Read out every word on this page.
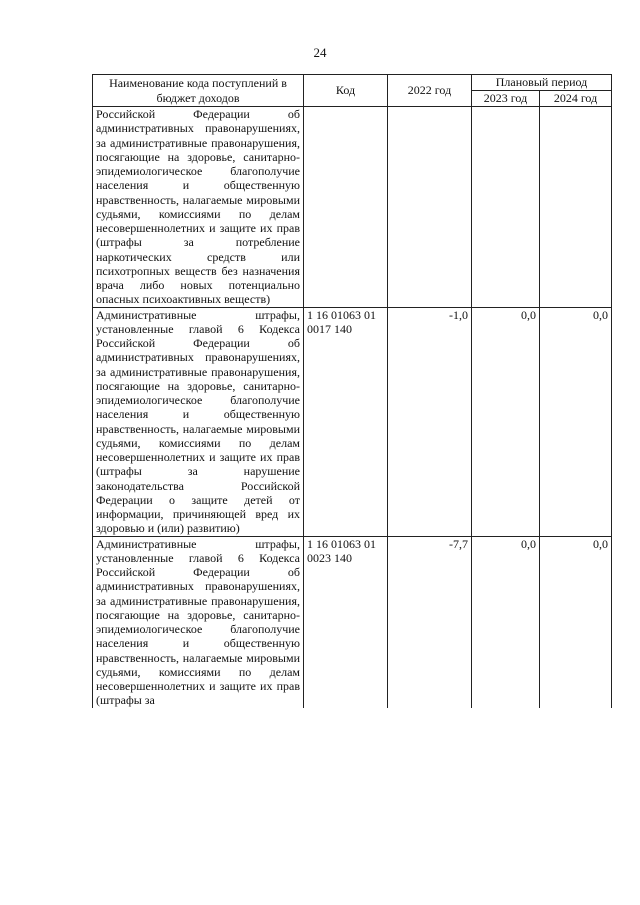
24
Наименование кода поступлений в бюджет доходов	Код	2022 год	Плановый период	
			2023 год	2024 год
Российской Федерации об административных правонарушениях, за административные правонарушения, посягающие на здоровье, санитарно-эпидемиологическое благополучие населения и общественную нравственность, налагаемые мировыми судьями, комиссиями по делам несовершеннолетних и защите их прав (штрафы за потребление наркотических средств или психотропных веществ без назначения врача либо новых потенциально опасных психоактивных веществ)				
Административные штрафы, установленные главой 6 Кодекса Российской Федерации об административных правонарушениях, за административные правонарушения, посягающие на здоровье, санитарно-эпидемиологическое благополучие населения и общественную нравственность, налагаемые мировыми судьями, комиссиями по делам несовершеннолетних и защите их прав (штрафы за нарушение законодательства Российской Федерации о защите детей от информации, причиняющей вред их здоровью и (или) развитию)	1 16 01063 01 0017 140	-1,0	0,0	0,0
Административные штрафы, установленные главой 6 Кодекса Российской Федерации об административных правонарушениях, за административные правонарушения, посягающие на здоровье, санитарно-эпидемиологическое благополучие населения и общественную нравственность, налагаемые мировыми судьями, комиссиями по делам несовершеннолетних и защите их прав (штрафы за	1 16 01063 01 0023 140	-7,7	0,0	0,0
